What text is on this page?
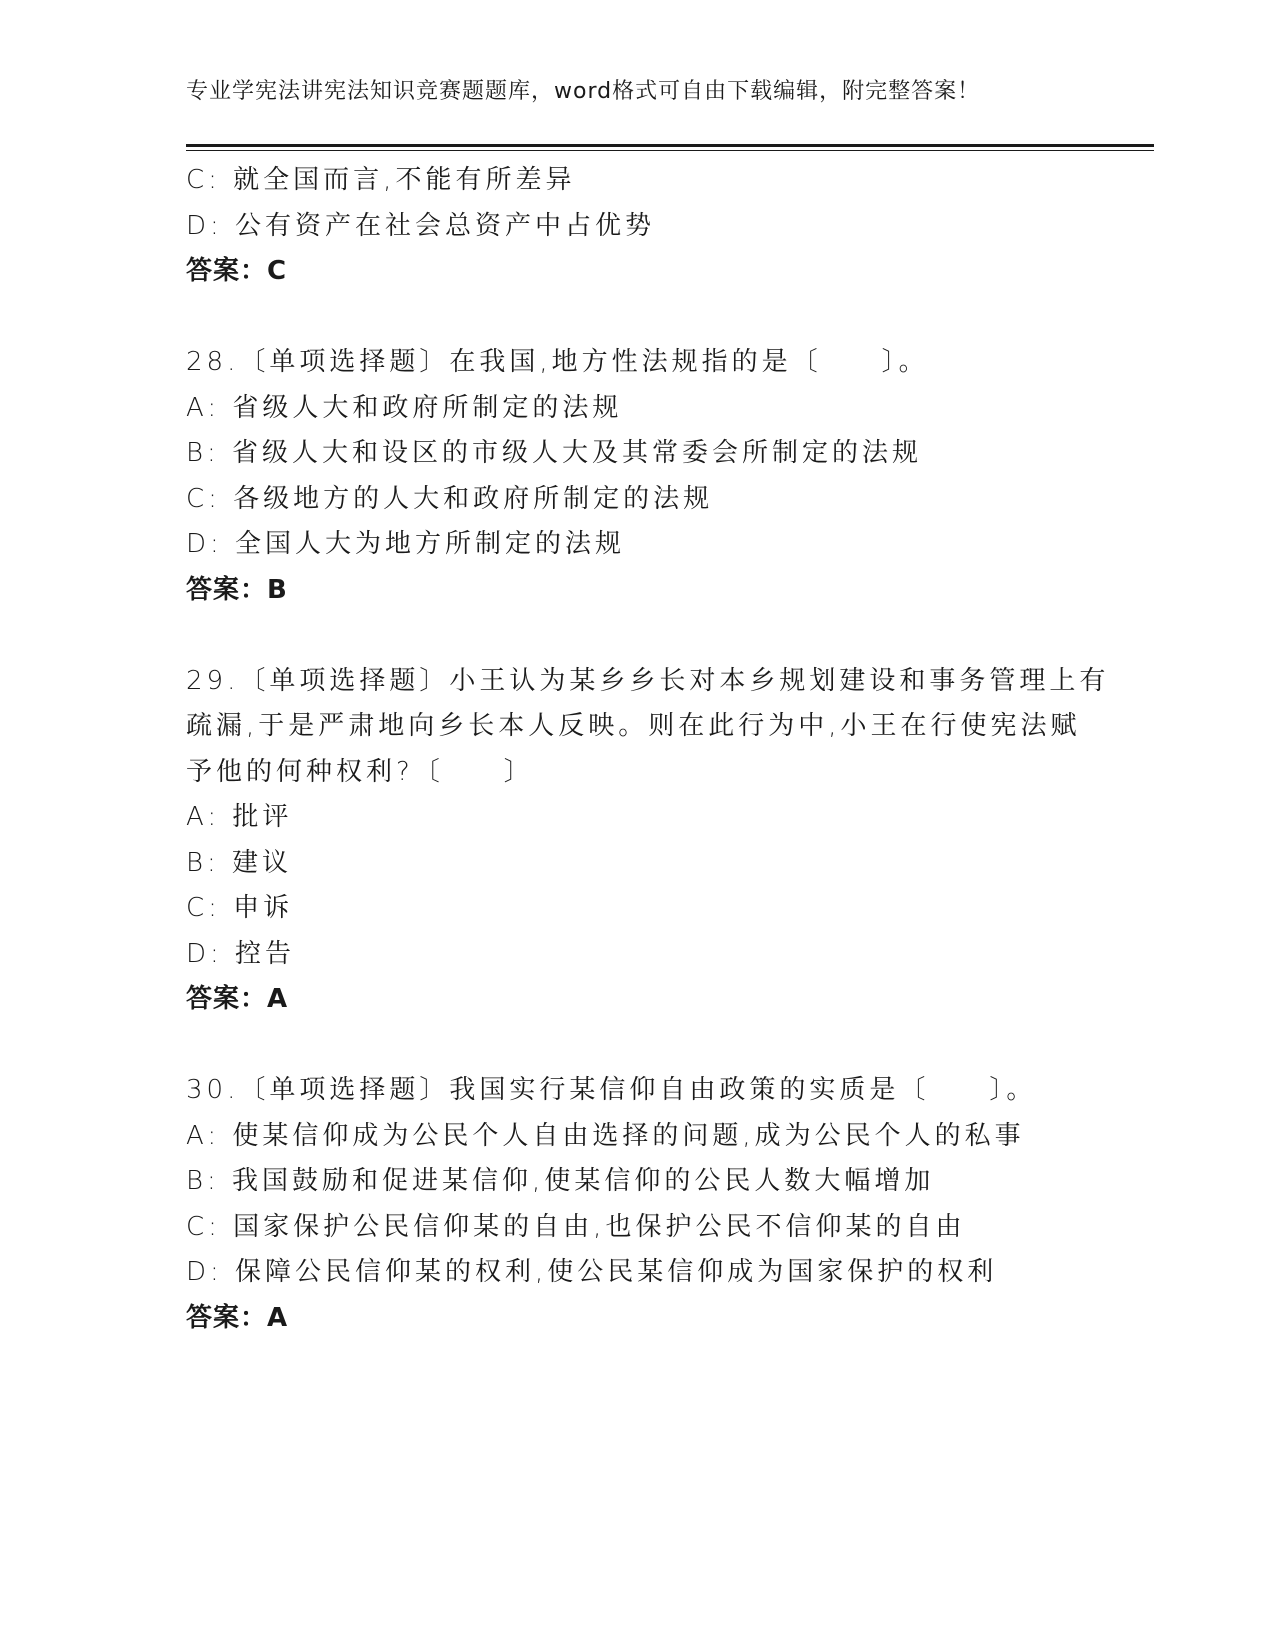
专业学宪法讲宪法知识竞赛题题库，word格式可自由下载编辑，附完整答案！
C: 就全国而言,不能有所差异
D: 公有资产在社会总资产中占优势
答案：C
28.〔单项选择题〕在我国,地方性法规指的是〔　　〕。
A: 省级人大和政府所制定的法规
B: 省级人大和设区的市级人大及其常委会所制定的法规
C: 各级地方的人大和政府所制定的法规
D: 全国人大为地方所制定的法规
答案：B
29.〔单项选择题〕小王认为某乡乡长对本乡规划建设和事务管理上有
疏漏,于是严肃地向乡长本人反映。则在此行为中,小王在行使宪法赋
予他的何种权利?〔　　〕
A: 批评
B: 建议
C: 申诉
D: 控告
答案：A
30.〔单项选择题〕我国实行某信仰自由政策的实质是〔　　〕。
A: 使某信仰成为公民个人自由选择的问题,成为公民个人的私事
B: 我国鼓励和促进某信仰,使某信仰的公民人数大幅增加
C: 国家保护公民信仰某的自由,也保护公民不信仰某的自由
D: 保障公民信仰某的权利,使公民某信仰成为国家保护的权利
答案：A
